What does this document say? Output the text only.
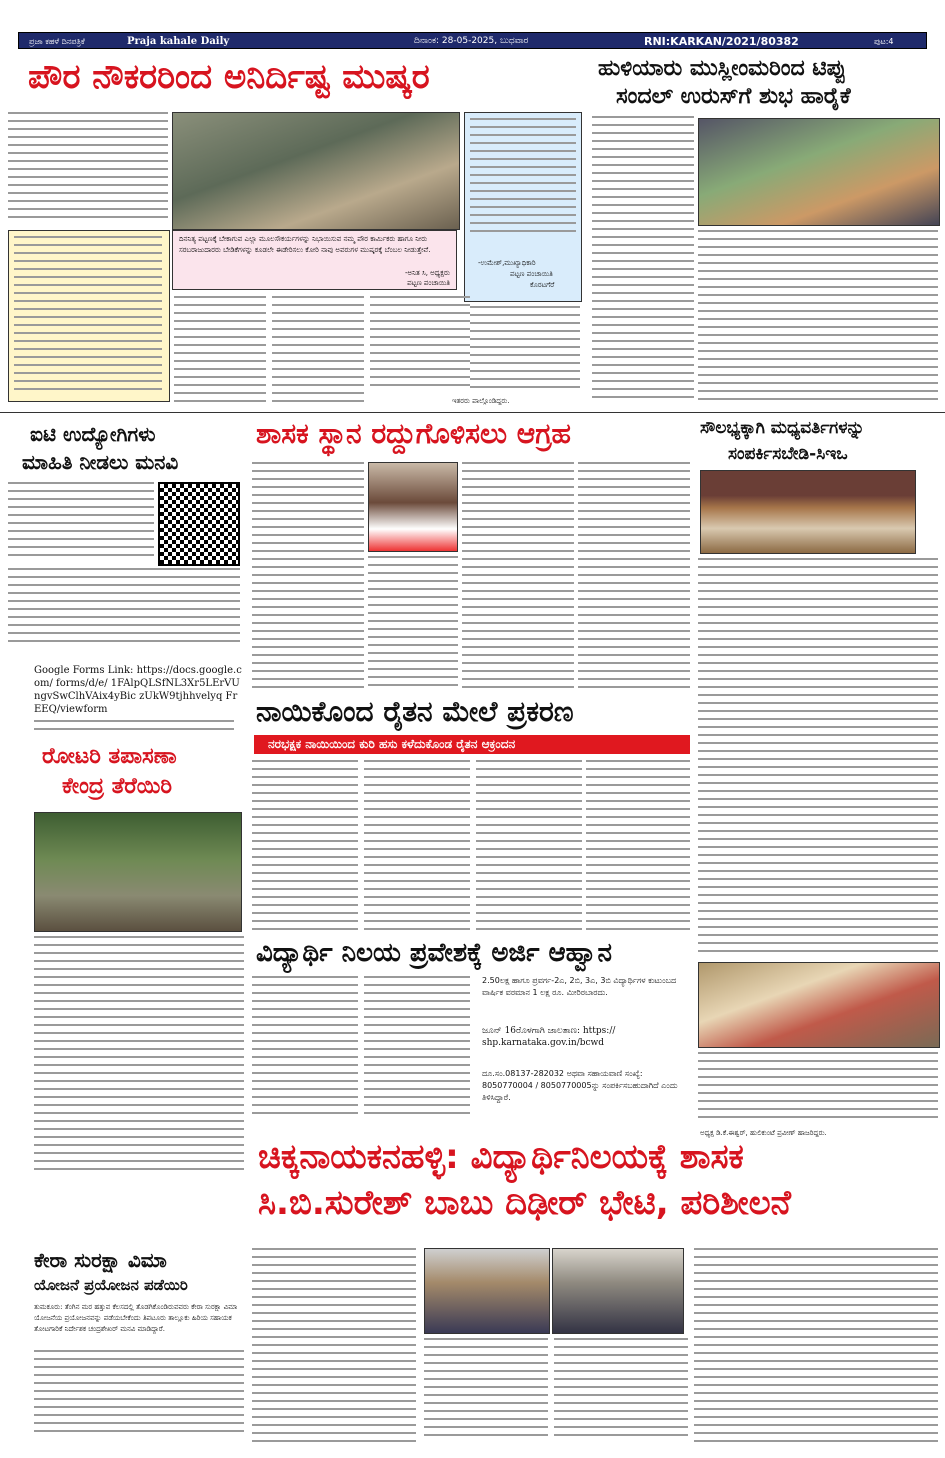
ಪ್ರಜಾ ಕಹಳೆ ದಿನಪತ್ರಿಕೆ	Praja kahale Daily	ದಿನಾಂಕ: 28-05-2025, ಬುಧವಾರ	RNI:KARKAN/2021/80382	ಪುಟ:4
ಪೌರ ನೌಕರರಿಂದ ಅನಿರ್ದಿಷ್ಟ ಮುಷ್ಕರ
ದಿನನಿತ್ಯ ಪಟ್ಟಣಕ್ಕೆ ಬೇಕಾಗುವ ಎಲ್ಲಾ ಮೂಲಸೌಕರ್ಯಗಳನ್ನು ನಿಭಾಯಿಸುವ ನಮ್ಮ ಪೌರ ಕಾರ್ಮಿಕರು ಹಾಗೂ ನೀರು ಸರಬರಾಜುದಾರರು ಬೇಡಿಕೆಗಳನ್ನು ಕೂಡಲೇ ಈಡೇರಿಸಲು ಕೋರಿ ನಾವು ಅವರುಗಳ ಮುಷ್ಕರಕ್ಕೆ ಬೆಂಬಲ ನೀಡುತ್ತೇವೆ.
-ಅನಿತ ಸಿ, ಅಧ್ಯಕ್ಷರು
ಪಟ್ಟಣ ಪಂಚಾಯಿತಿ
-ಉಮೇಶ್,ಮುಖ್ಯಾಧಿಕಾರಿ
ಪಟ್ಟಣ ಪಂಚಾಯಿತಿ
ಕೊರಟಗೆರೆ
ಇತರರು ಪಾಲ್ಗೊಂಡಿದ್ದರು.
ಹುಳಿಯಾರು ಮುಸ್ಲೀಂಮರಿಂದ ಟಿಪ್ಪು
ಸಂದಲ್ ಉರುಸ್‌ಗೆ ಶುಭ ಹಾರೈಕೆ
ಐಟಿ ಉದ್ಯೋಗಿಗಳು
ಮಾಹಿತಿ ನೀಡಲು ಮನವಿ
Google Forms Link: https://docs.google.com/ forms/d/e/ 1FAlpQLSfNL3Xr5LErVUngvSwClhVAix4yBic zUkW9tjhhvelyq FrEEQ/viewform
ಶಾಸಕ ಸ್ಥಾನ ರದ್ದುಗೊಳಿಸಲು ಆಗ್ರಹ	ಸೌಲಭ್ಯಕ್ಕಾಗಿ ಮಧ್ಯವರ್ತಿಗಳನ್ನು
ಸಂಪರ್ಕಿಸಬೇಡಿ-ಸಿಇಒ
ನಾಯಿಕೊಂದ ರೈತನ ಮೇಲೆ ಪ್ರಕರಣ
ನರಭಕ್ಷಕ ನಾಯಿಯಿಂದ ಕುರಿ ಹಸು ಕಳೆದುಕೊಂಡ ರೈತನ ಆಕ್ರಂದನ
ರೋಟರಿ ತಪಾಸಣಾ
ಕೇಂದ್ರ ತೆರೆಯಿರಿ
ವಿದ್ಯಾರ್ಥಿ ನಿಲಯ ಪ್ರವೇಶಕ್ಕೆ ಅರ್ಜಿ ಆಹ್ವಾನ
2.50ಲಕ್ಷ ಹಾಗೂ ಪ್ರವರ್ಗ-2ಎ, 2ಬಿ, 3ಎ, 3ಬಿ ವಿದ್ಯಾರ್ಥಿಗಳ ಕುಟುಂಬದ ವಾರ್ಷಿಕ ವರಮಾನ 1 ಲಕ್ಷ ರೂ. ಮೀರಿರಬಾರದು.
ಜೂನ್ 16ರೊಳಗಾಗಿ ಜಾಲತಾಣ: https:// shp.karnataka.gov.in/bcwd
ದೂ.ಸಂ.08137-282032 ಅಥವಾ ಸಹಾಯವಾಣಿ ಸಂಖ್ಯೆ: 8050770004 / 8050770005ನ್ನು ಸಂಪರ್ಕಿಸಬಹುದಾಗಿದೆ ಎಂದು ತಿಳಿಸಿದ್ದಾರೆ.
ಅಧ್ಯಕ್ಷ ಡಿ.ಕೆ.ಈಶ್ವರ್, ಹುಲಿಕುಂಟೆ ಪ್ರವೀಣ್ ಹಾಜರಿದ್ದರು.
ಚಿಕ್ಕನಾಯಕನಹಳ್ಳಿ: ವಿದ್ಯಾರ್ಥಿನಿಲಯಕ್ಕೆ ಶಾಸಕ
ಸಿ.ಬಿ.ಸುರೇಶ್ ಬಾಬು ದಿಢೀರ್ ಭೇಟಿ, ಪರಿಶೀಲನೆ
ಕೇರಾ ಸುರಕ್ಷಾ ವಿಮಾ
ಯೋಜನೆ ಪ್ರಯೋಜನ ಪಡೆಯಿರಿ
ತುಮಕೂರು: ತೆಂಗಿನ ಮರ ಹತ್ತುವ ಕೆಲಸದಲ್ಲಿ ತೊಡಗಿಕೊಂಡಿರುವವರು ಕೇರಾ ಸುರಕ್ಷಾ ವಿಮಾ ಯೋಜನೆಯ ಪ್ರಯೋಜನವನ್ನು ಪಡೆಯಬೇಕೆಂದು ತಿಪಟೂರು ತಾಲ್ಲೂಕು ಹಿರಿಯ ಸಹಾಯಕ ತೋಟಗಾರಿಕೆ ನಿರ್ದೇಶಕ ಚಂದ್ರಶೇಖರ್ ಮನವಿ ಮಾಡಿದ್ದಾರೆ.
